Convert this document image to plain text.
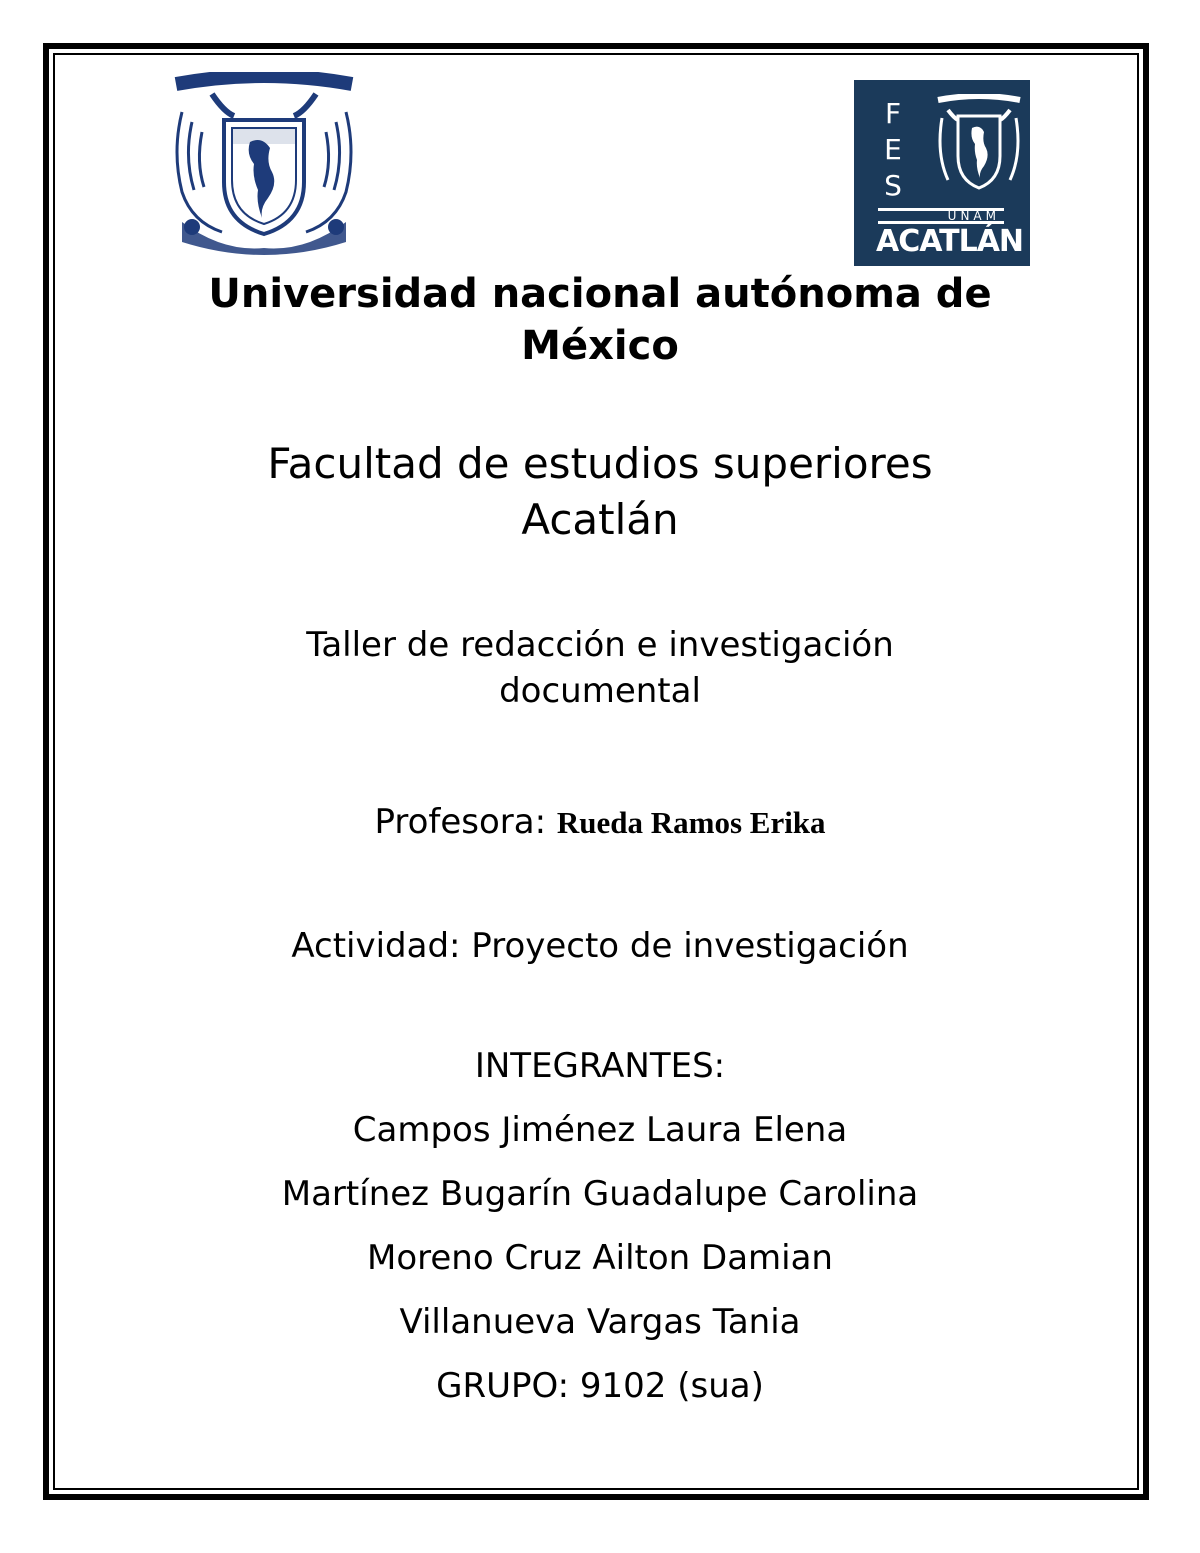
F
E
S
UNAM
ACATLÁN
Universidad nacional autónoma de
México
Facultad de estudios superiores
Acatlán
Taller de redacción e investigación
documental
Profesora: Rueda Ramos Erika
Actividad: Proyecto de investigación
INTEGRANTES:
Campos Jiménez Laura Elena
Martínez Bugarín Guadalupe Carolina
Moreno Cruz Ailton Damian
Villanueva Vargas Tania
GRUPO: 9102 (sua)
